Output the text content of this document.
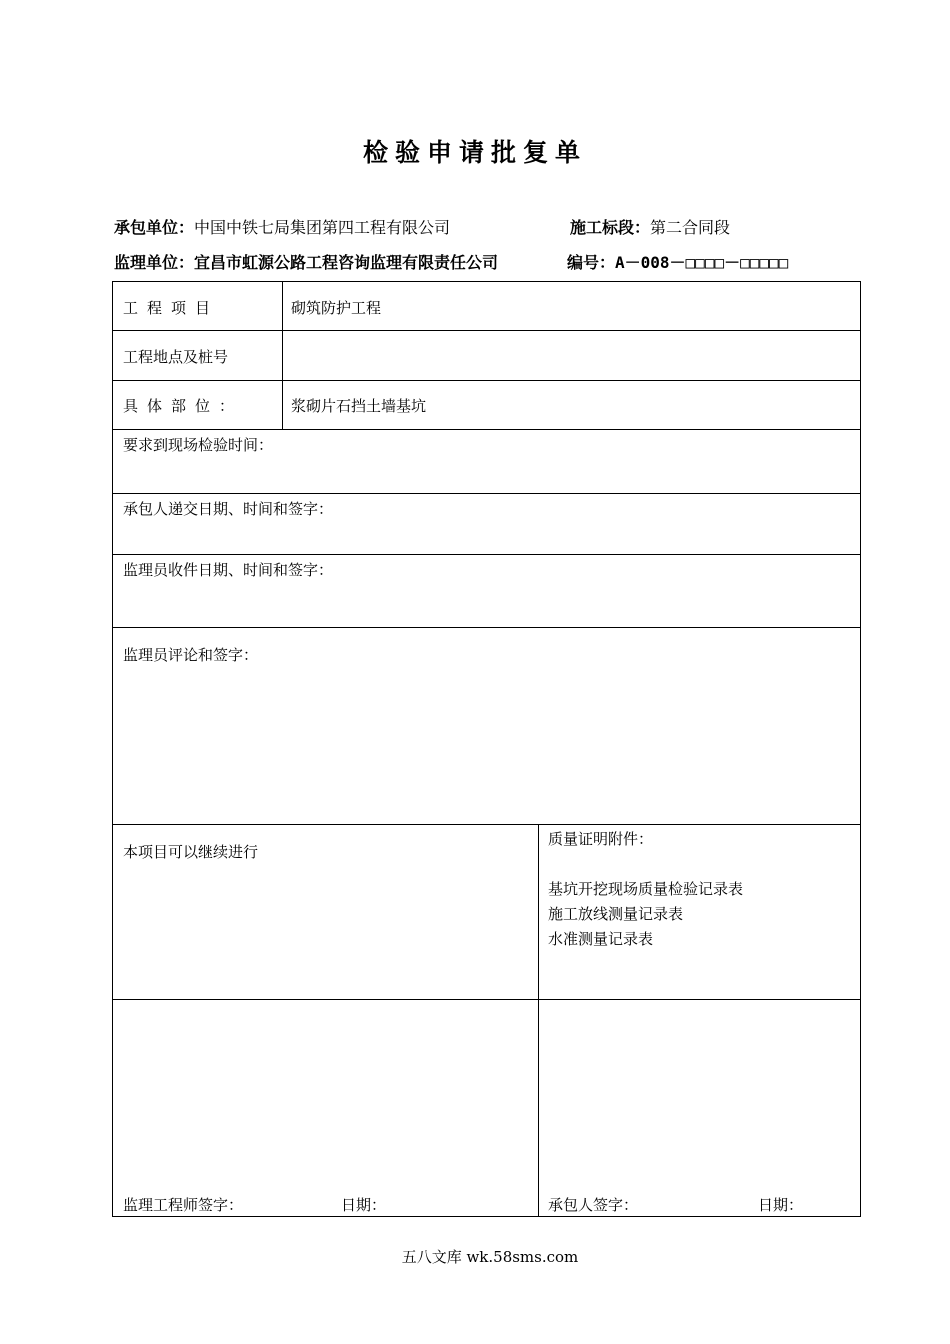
检验申请批复单
承包单位：中国中铁七局集团第四工程有限公司	施工标段：第二合同段
监理单位：宜昌市虹源公路工程咨询监理有限责任公司	编号：A－008－□□□□－□□□□□
工程项目	砌筑防护工程
工程地点及桩号
具体部位：	浆砌片石挡土墙基坑
要求到现场检验时间：
承包人递交日期、时间和签字：
监理员收件日期、时间和签字：
监理员评论和签字：
本项目可以继续进行
质量证明附件：
基坑开挖现场质量检验记录表
施工放线测量记录表
水准测量记录表
监理工程师签字：	日期：	承包人签字：	日期：
五八文库 wk.58sms.com
